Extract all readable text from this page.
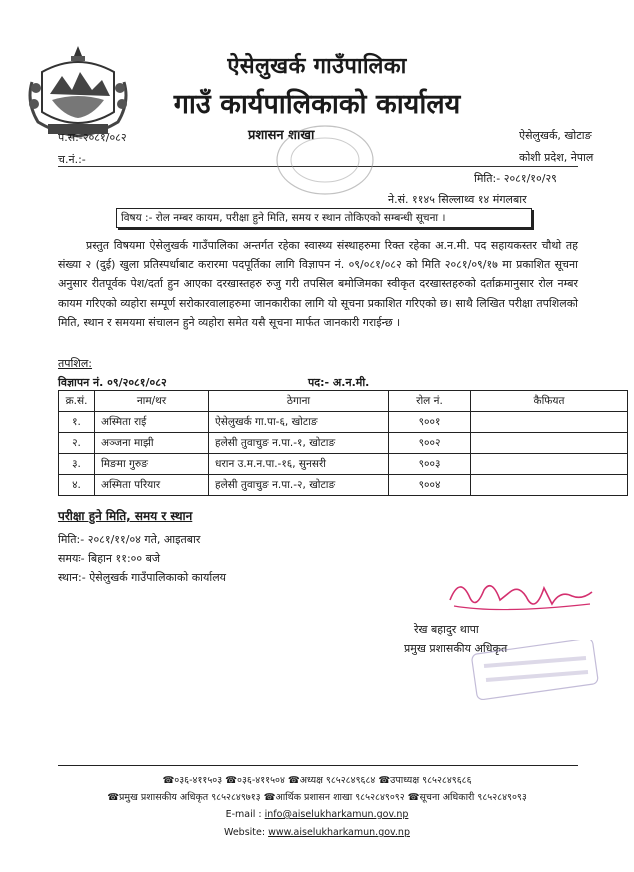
ऐसेलुखर्क गाउँपालिका
गाउँ कार्यपालिकाको कार्यालय
प.स:-२०८१/०८२
च.नं.:-
प्रशासन शाखा	ऐसेलुखर्क, खोटाङ
कोशी प्रदेश, नेपाल
मिति:- २०८१/१०/२९
ने.सं. ११४५ सिल्लाथ्व १४ मंगलबार
विषय :- रोल नम्बर कायम, परीक्षा हुने मिति, समय र स्थान तोकिएको सम्बन्धी सूचना ।
प्रस्तुत विषयमा ऐसेलुखर्क गाउँपालिका अन्तर्गत रहेका स्वास्थ्य संस्थाहरुमा रिक्त रहेका अ.न.मी. पद सहायकस्तर चौथो तह संख्या २ (दुई) खुला प्रतिस्पर्धाबाट करारमा पदपूर्तिका लागि विज्ञापन नं. ०९/०८१/०८२ को मिति २०८१/०९/१७ मा प्रकाशित सूचना अनुसार रीतपूर्वक पेश/दर्ता हुन आएका दरखास्तहरु रुजु गरी तपसिल बमोजिमका स्वीकृत दरखास्तहरुको दर्ताक्रमानुसार रोल नम्बर कायम गरिएको व्यहोरा सम्पूर्ण सरोकारवालाहरुमा जानकारीका लागि यो सूचना प्रकाशित गरिएको छ। साथै लिखित परीक्षा तपशिलको मिति, स्थान र समयमा संचालन हुने व्यहोरा समेत यसै सूचना मार्फत जानकारी गराईन्छ ।
तपशिल:
विज्ञापन नं. ०९/२०८१/०८२	पद:- अ.न.मी.
क्र.सं.	नाम/थर	ठेगाना	रोल नं.	कैफियत
१.	अस्मिता राई	ऐसेलुखर्क गा.पा-६, खोटाङ	९००१	
२.	अञ्जना माझी	हलेसी तुवाचुङ न.पा.-१, खोटाङ	९००२	
३.	मिङमा गुरुङ	धरान उ.म.न.पा.-१६, सुनसरी	९००३	
४.	अस्मिता परियार	हलेसी तुवाचुङ न.पा.-२, खोटाङ	९००४	
परीक्षा हुने मिति, समय र स्थान
मिति:- २०८१/११/०४ गते, आइतबार
समयः- बिहान ११:०० बजे
स्थान:- ऐसेलुखर्क गाउँपालिकाको कार्यालय
रेख बहादुर थापा
प्रमुख प्रशासकीय अधिकृत
☎०३६-४११५०३ ☎०३६-४११५०४ ☎अध्यक्ष ९८५२८४९६८४ ☎उपाध्यक्ष ९८५२८४९६८६
☎प्रमुख प्रशासकीय अधिकृत ९८५२८४९७१३ ☎आर्थिक प्रशासन शाखा ९८५२८४९०९२ ☎सूचना अधिकारी ९८५२८४९०९३
E-mail : info@aiselukharkamun.gov.np
Website: www.aiselukharkamun.gov.np
